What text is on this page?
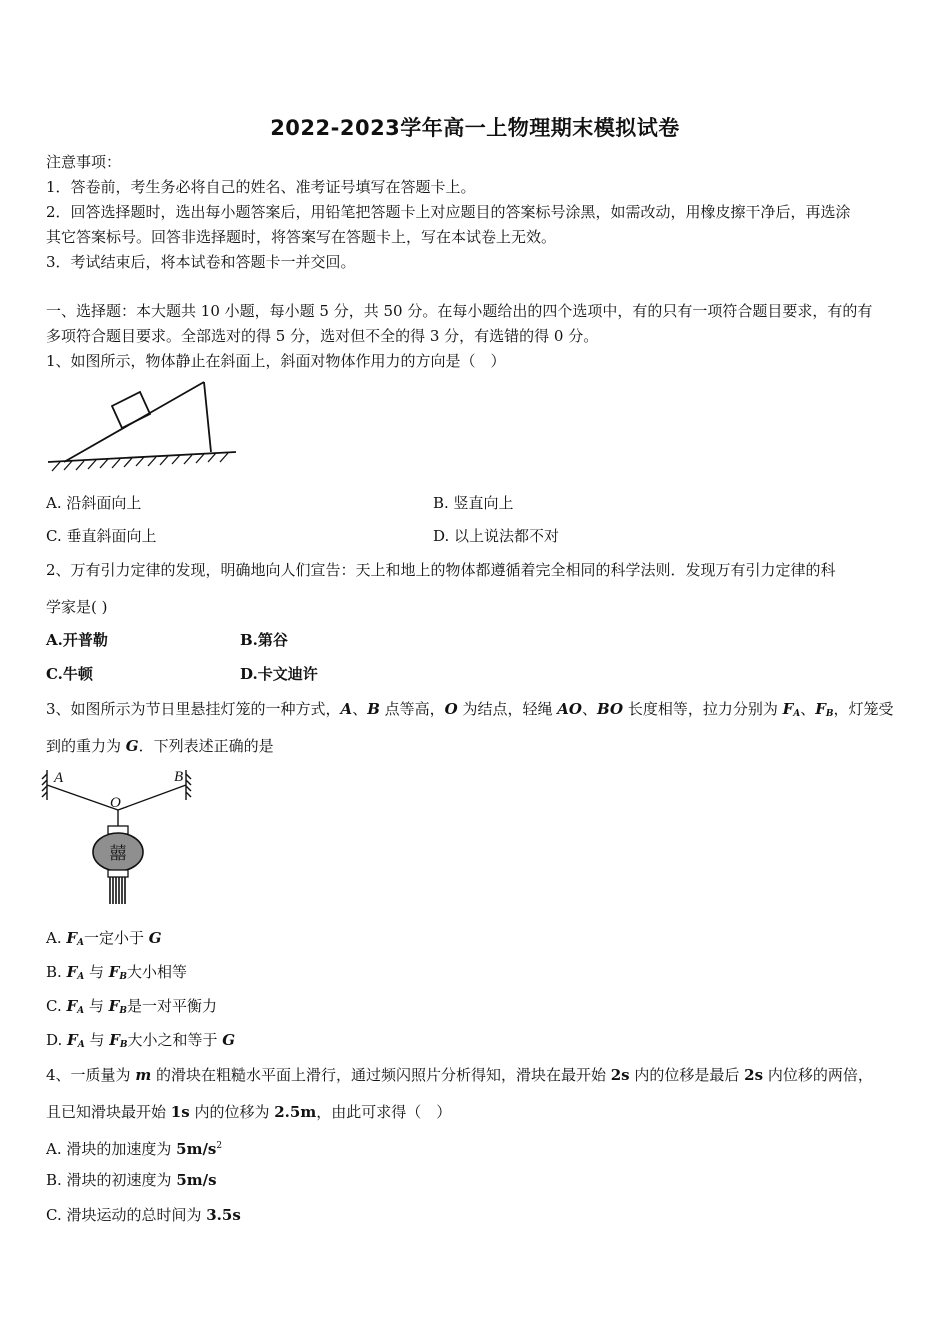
2022-2023学年高一上物理期末模拟试卷
注意事项：
1．答卷前，考生务必将自己的姓名、准考证号填写在答题卡上。
2．回答选择题时，选出每小题答案后，用铅笔把答题卡上对应题目的答案标号涂黑，如需改动，用橡皮擦干净后，再选涂
其它答案标号。回答非选择题时，将答案写在答题卡上，写在本试卷上无效。
3．考试结束后，将本试卷和答题卡一并交回。
一、选择题：本大题共 10 小题，每小题 5 分，共 50 分。在每小题给出的四个选项中，有的只有一项符合题目要求，有的有
多项符合题目要求。全部选对的得 5 分，选对但不全的得 3 分，有选错的得 0 分。
1、如图所示，物体静止在斜面上，斜面对物体作用力的方向是（　）
A. 沿斜面向上	B. 竖直向上
C. 垂直斜面向上	D. 以上说法都不对
2、万有引力定律的发现，明确地向人们宣告：天上和地上的物体都遵循着完全相同的科学法则．发现万有引力定律的科
学家是( )
A.开普勒	B.第谷
C.牛顿	D.卡文迪许
3、如图所示为节日里悬挂灯笼的一种方式，A、B 点等高，O 为结点，轻绳 AO、BO 长度相等，拉力分别为 $F_A$、$F_B$，灯笼受
到的重力为 G．下列表述正确的是
A	B
O
囍
A. $F_A$一定小于 G
B. $F_A$ 与 $F_B$大小相等
C. $F_A$ 与 $F_B$是一对平衡力
D. $F_A$ 与 $F_B$大小之和等于 G
4、一质量为 m 的滑块在粗糙水平面上滑行，通过频闪照片分析得知，滑块在最开始 2s 内的位移是最后 2s 内位移的两倍，
且已知滑块最开始 1s 内的位移为 2.5m，由此可求得（　）
A. 滑块的加速度为 $5m/s^2$
B. 滑块的初速度为 5m/s
C. 滑块运动的总时间为 3.5s
